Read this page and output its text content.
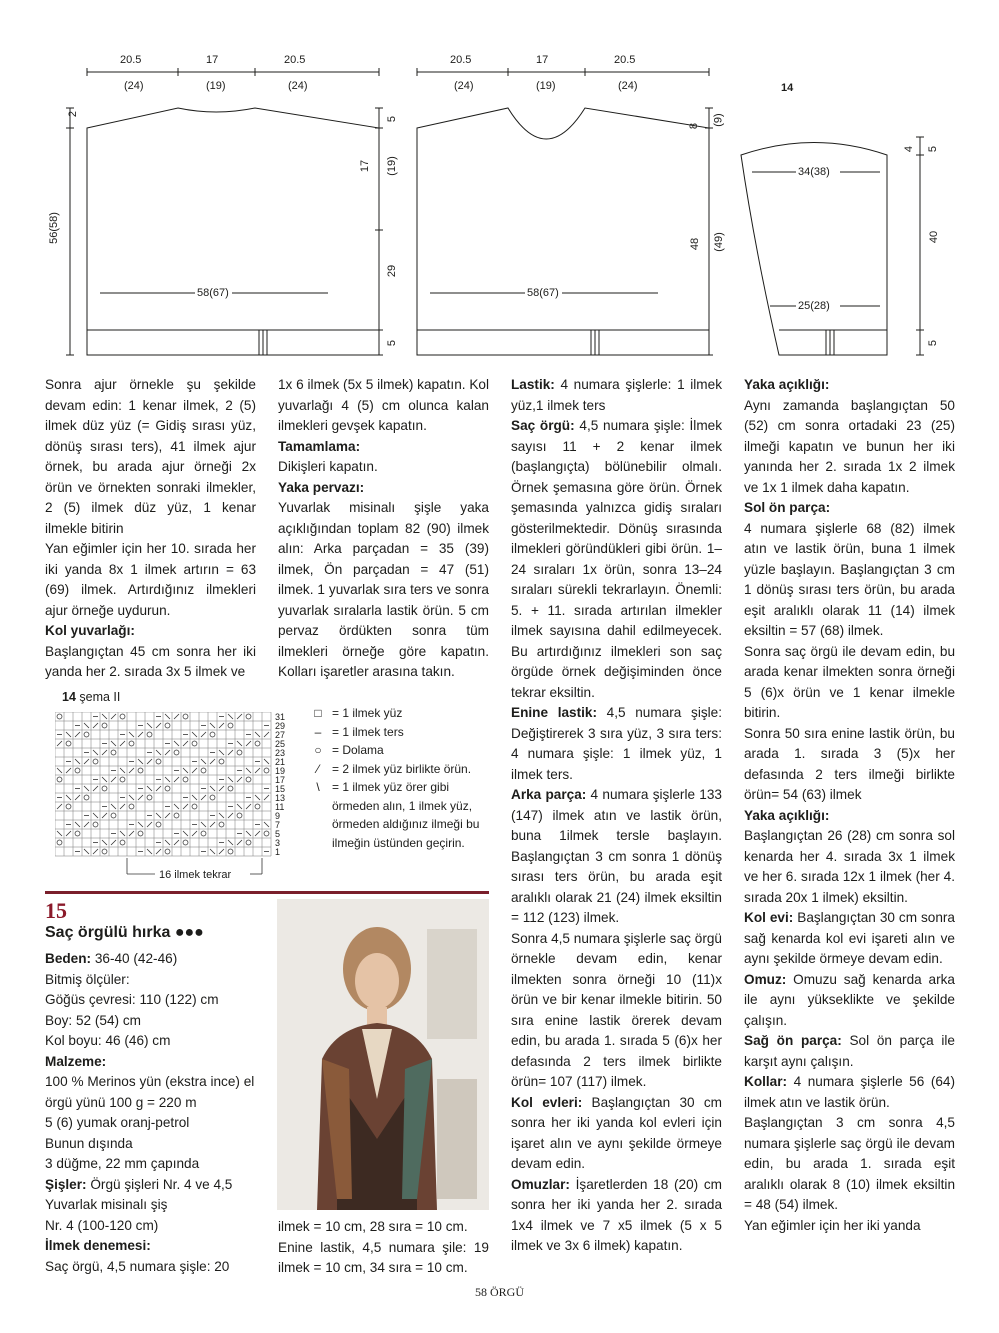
20.5	17	20.5
(24)	(19)	(24)
2
56(58)
58(67)
20.5	17	20.5
(24)	(19)	(24)
5
17 (19)
29
5
58(67)
14
8 (9)
48 (49)
34(38)
25(28)
4 5
40
5

Sonra ajur örnekle şu şekilde devam edin: 1 kenar ilmek, 2 (5) ilmek düz yüz (= Gidiş sırası yüz, dönüş sırası ters), 41 ilmek ajur örnek, bu arada ajur örneği 2x örün ve örnekten sonraki ilmekler, 2 (5) ilmek düz yüz, 1 kenar ilmekle bitirin

Yan eğimler için her 10. sırada her iki yanda 8x 1 ilmek artırın = 63 (69) ilmek. Artırdığınız ilmekleri ajur örneğe uydurun.

Kol yuvarlağı:

Başlangıçtan 45 cm sonra her iki yanda her 2. sırada 3x 5 ilmek ve

1x 6 ilmek (5x 5 ilmek) kapatın. Kol yuvarlağı 4 (5) cm olunca kalan ilmekleri gevşek kapatın.

Tamamlama:

Dikişleri kapatın.

Yaka pervazı:

Yuvarlak misinalı şişle yaka açıklığından toplam 82 (90) ilmek alın: Arka parçadan = 35 (39) ilmek, Ön parçadan = 47 (51) ilmek. 1 yuvarlak sıra ters ve sonra yuvarlak sıralarla lastik örün. 5 cm pervaz ördükten sonra tüm ilmekleri örneğe göre kapatın. Kolları işaretler arasına takın.

Lastik: 4 numara şişlerle: 1 ilmek yüz,1 ilmek ters

Saç örgü: 4,5 numara şişle: İlmek sayısı 11 + 2 kenar ilmek (başlangıçta) bölünebilir olmalı. Örnek şemasına göre örün. Örnek şemasında yalnızca gidiş sıraları gösterilmektedir. Dönüş sırasında ilmekleri göründükleri gibi örün. 1–24 sıraları 1x örün, sonra 13–24 sıraları sürekli tekrarlayın. Önemli: 5. + 11. sırada artırılan ilmekler ilmek sayısına dahil edilmeyecek. Bu artırdığınız ilmekleri son saç örgüde örnek değişiminden önce tekrar eksiltin.

Enine lastik: 4,5 numara şişle: Değiştirerek 3 sıra yüz, 3 sıra ters: 4 numara şişle: 1 ilmek yüz, 1 ilmek ters.

Arka parça: 4 numara şişlerle 133 (147) ilmek atın ve lastik örün, buna 1ilmek tersle başlayın. Başlangıçtan 3 cm sonra 1 dönüş sırası ters örün, bu arada eşit aralıklı olarak 21 (24) ilmek eksiltin = 112 (123) ilmek.

Sonra 4,5 numara şişlerle saç örgü örnekle devam edin, kenar ilmekten sonra örneği 10 (11)x örün ve bir kenar ilmekle bitirin. 50 sıra enine lastik örerek devam edin, bu arada 1. sırada 5 (6)x her defasında 2 ters ilmek birlikte örün= 107 (117) ilmek.

Kol evleri: Başlangıçtan 30 cm sonra her iki yanda kol evleri için işaret alın ve aynı şekilde örmeye devam edin.

Omuzlar: İşaretlerden 18 (20) cm sonra her iki yanda her 2. sırada 1x4 ilmek ve 7 x5 ilmek (5 x 5 ilmek ve 3x 6 ilmek) kapatın.

Yaka açıklığı:

Aynı zamanda başlangıçtan 50 (52) cm sonra ortadaki 23 (25) ilmeği kapatın ve bunun her iki yanında her 2. sırada 1x 2 ilmek ve 1x 1 ilmek daha kapatın.

Sol ön parça:

4 numara şişlerle 68 (82) ilmek atın ve lastik örün, buna 1 ilmek yüzle başlayın. Başlangıçtan 3 cm 1 dönüş sırası ters örün, bu arada eşit aralıklı olarak 11 (14) ilmek eksiltin = 57 (68) ilmek.

Sonra saç örgü ile devam edin, bu arada kenar ilmekten sonra örneği 5 (6)x örün ve 1 kenar ilmekle bitirin.

Sonra 50 sıra enine lastik örün, bu arada 1. sırada 3 (5)x her defasında 2 ters ilmeği birlikte örün= 54 (63) ilmek

Yaka açıklığı:

Başlangıçtan 26 (28) cm sonra sol kenarda her 4. sırada 3x 1 ilmek ve her 6. sırada 12x 1 ilmek (her 4. sırada 20x 1 ilmek) eksiltin.

Kol evi: Başlangıçtan 30 cm sonra sağ kenarda kol evi işareti alın ve aynı şekilde örmeye devam edin.

Omuz: Omuzu sağ kenarda arka ile aynı yükseklikte ve şekilde çalışın.

Sağ ön parça: Sol ön parça ile karşıt aynı çalışın.

Kollar: 4 numara şişlerle 56 (64) ilmek atın ve lastik örün.

Başlangıçtan 3 cm sonra 4,5 numara şişlerle saç örgü ile devam edin, bu arada 1. sırada eşit aralıklı olarak 8 (10) ilmek eksiltin = 48 (54) ilmek.

Yan eğimler için her iki yanda

14 şema II
31
29
27
25
23
21
19
17
15
13
11
9
7
5
3
1
16 ilmek tekrar
□ = 1 ilmek yüz
– = 1 ilmek ters
○ = Dolama
⁄	= 2 ilmek yüz birlikte örün.
\	= 1 ilmek yüz örer gibi örmeden alın, 1 ilmek yüz, örmeden aldığınız ilmeği bu ilmeğin üstünden geçirin.
15
Saç örgülü hırka ●●●

Beden: 36-40 (42-46)

Bitmiş ölçüler:

Göğüs çevresi: 110 (122) cm

Boy: 52 (54) cm

Kol boyu: 46 (46) cm

Malzeme:

100 % Merinos yün (ekstra ince) el örgü yünü 100 g = 220 m

5 (6) yumak oranj-petrol

Bunun dışında

3 düğme, 22 mm çapında

Şişler: Örgü şişleri Nr. 4 ve 4,5

Yuvarlak misinalı şiş

Nr. 4 (100-120 cm)

İlmek denemesi:

Saç örgü, 4,5 numara şişle: 20

ilmek = 10 cm, 28 sıra = 10 cm.

Enine lastik, 4,5 numara şile: 19 ilmek = 10 cm, 34 sıra = 10 cm.

58 ÖRGÜ
